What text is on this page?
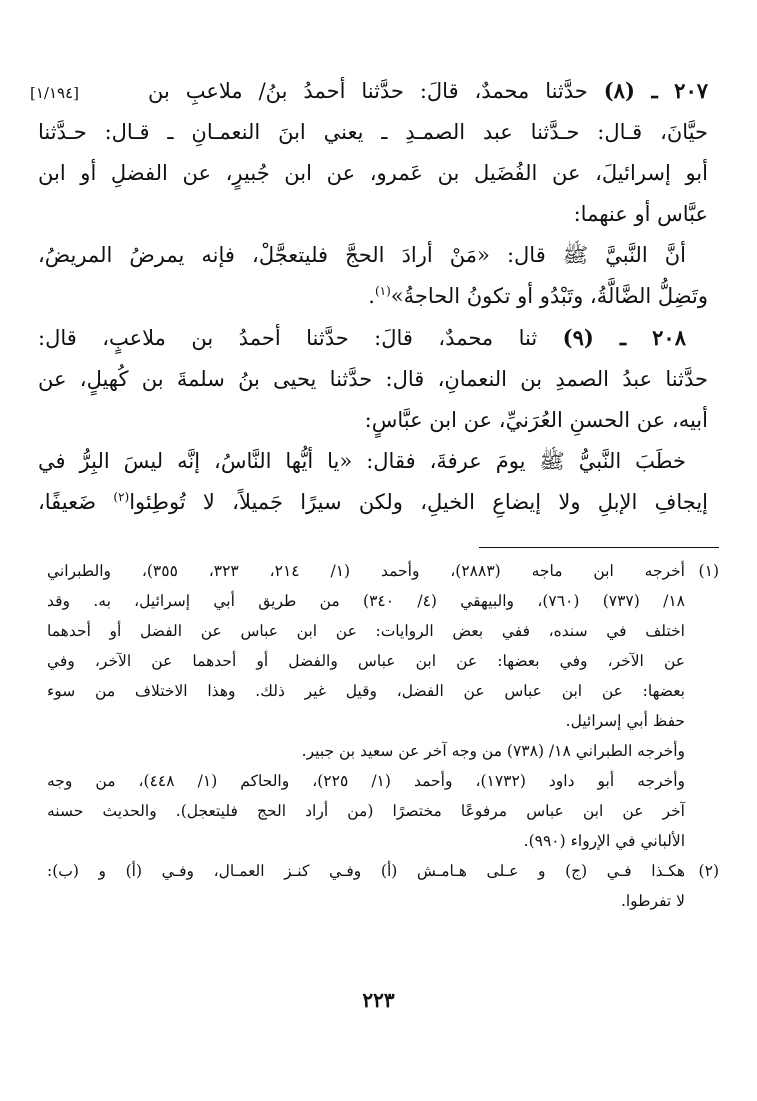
[١/١٩٤]	٢٠٧ ـ (٨) حدَّثنا محمدٌ، قالَ: حدَّثنا أحمدُ بنُ/ ملاعبِ بن
حيَّانَ، قـال: حـدَّثنا عبد الصمـدِ ـ يعني ابنَ النعمـانِ ـ قـال: حـدَّثنا
أبو إسرائيلَ، عن الفُضَيل بن عَمرو، عن ابن جُبيرٍ، عن الفضلِ أو ابن
عبَّاس أو عنهما:
أنَّ النَّبيَّ ﷺ قال: «مَنْ أرادَ الحجَّ فليتعجَّلْ، فإنه يمرضُ المريضُ،
وتَضِلُّ الضَّالَّةُ، وتَبْدُو أو تكونُ الحاجةُ»$^{(١)}$.
٢٠٨ ـ (٩) ثنا محمدٌ، قالَ: حدَّثنا أحمدُ بن ملاعبٍ، قال:
حدَّثنا عبدُ الصمدِ بن النعمانِ، قال: حدَّثنا يحيى بنُ سلمةَ بن كُهيلٍ، عن
أبيه، عن الحسنِ العُرَنيِّ، عن ابن عبَّاسٍ:
خطَبَ النَّبيُّ ﷺ يومَ عرفةَ، فقال: «يا أيُّها النَّاسُ، إنَّه ليسَ البِرُّ في
إيجافِ الإبلِ ولا إيضاعِ الخيلِ، ولكن سيرًا جَميلاً، لا تُوطِئوا$^{(٢)}$ ضَعيفًا،
(١)
أخرجه ابن ماجه (٢٨٨٣)، وأحمد (١/ ٢١٤، ٣٢٣، ٣٥٥)، والطبراني
١٨/ (٧٣٧) (٧٦٠)، والبيهقي (٤/ ٣٤٠) من طريق أبي إسرائيل، به. وقد
اختلف في سنده، ففي بعض الروايات: عن ابن عباس عن الفضل أو أحدهما
عن الآخر، وفي بعضها: عن ابن عباس والفضل أو أحدهما عن الآخر، وفي
بعضها: عن ابن عباس عن الفضل، وقيل غير ذلك. وهذا الاختلاف من سوء
حفظ أبي إسرائيل.
وأخرجه الطبراني ١٨/ (٧٣٨) من وجه آخر عن سعيد بن جبير.
وأخرجه أبو داود (١٧٣٢)، وأحمد (١/ ٢٢٥)، والحاكم (١/ ٤٤٨)، من وجه
آخر عن ابن عباس مرفوعًا مختصرًا (من أراد الحج فليتعجل). والحديث حسنه
الألباني في الإرواء (٩٩٠).
(٢)
هكـذا فـي (ج) و عـلى هـامـش (أ) وفـي كنـز العمـال، وفـي (أ) و (ب):
لا تفرطوا.
٢٢٣
